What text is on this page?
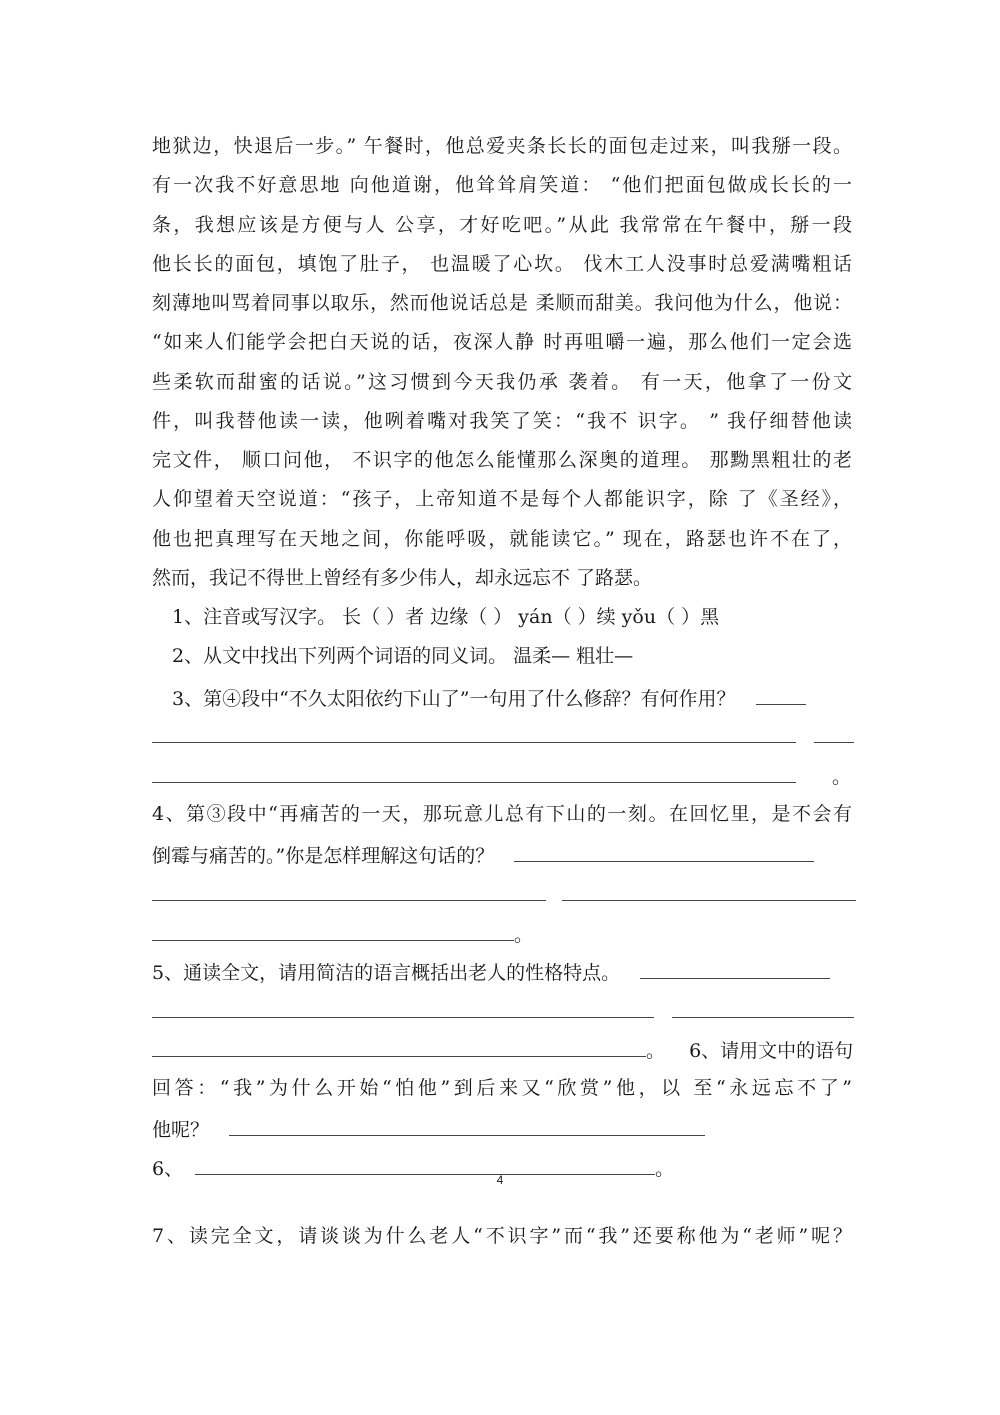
地狱边，快退后一步。” 午餐时，他总爱夹条长长的面包走过来，叫我掰一段。
有一次我不好意思地 向他道谢，他耸耸肩笑道： “他们把面包做成长长的一
条，我想应该是方便与人 公享，才好吃吧。”从此 我常常在午餐中，掰一段
他长长的面包，填饱了肚子， 也温暖了心坎。 伐木工人没事时总爱满嘴粗话
刻薄地叫骂着同事以取乐，然而他说话总是 柔顺而甜美。我问他为什么，他说：
“如来人们能学会把白天说的话，夜深人静 时再咀嚼一遍，那么他们一定会选
些柔软而甜蜜的话说。”这习惯到今天我仍承 袭着。 有一天，他拿了一份文
件，叫我替他读一读，他咧着嘴对我笑了笑：“我不 识字。 ” 我仔细替他读
完文件， 顺口问他， 不识字的他怎么能懂那么深奥的道理。 那黝黑粗壮的老
人仰望着天空说道：“孩子，上帝知道不是每个人都能识字，除 了《圣经》，
他也把真理写在天地之间，你能呼吸，就能读它。” 现在，路瑟也许不在了，
然而，我记不得世上曾经有多少伟人，却永远忘不 了路瑟。
1、注音或写汉字。 长（ ）者 边缘（ ） yán（ ）续 yǒu（ ）黑
2、从文中找出下列两个词语的同义词。 温柔— 粗壮—
3、第④段中“不久太阳依约下山了”一句用了什么修辞？有何作用？

。
4、第③段中“再痛苦的一天，那玩意儿总有下山的一刻。在回忆里，是不会有
倒霉与痛苦的。”你是怎样理解这句话的？

。
5、通读全文，请用简洁的语言概括出老人的性格特点。

。 6、请用文中的语句
回答：“我”为什么开始“怕他”到后来又“欣赏”他，以 至“永远忘不了”
他呢？
6、	。
7、读完全文，请谈谈为什么老人“不识字”而“我”还要称他为“老师”呢？
4
